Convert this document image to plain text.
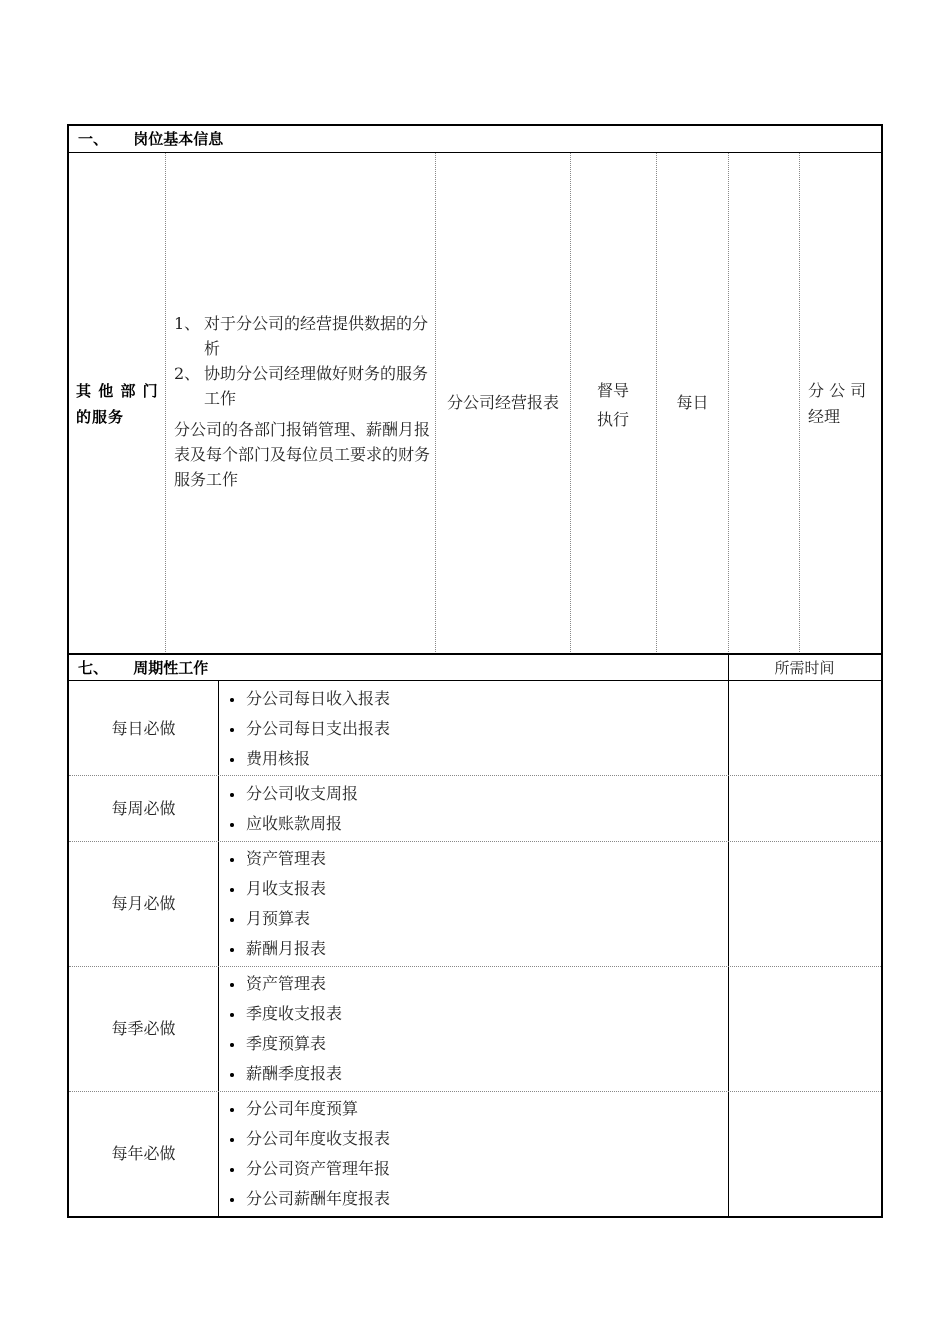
一、 岗位基本信息
其 他 部 门 的服务
1、 对于分公司的经营提供数据的分析
2、 协助分公司经理做好财务的服务工作
分公司的各部门报销管理、薪酬月报表及每个部门及每位员工要求的财务服务工作
分公司经营报表
督导执行
每日
分 公 司 经理
七、 周期性工作	所需时间
每日必做
分公司每日收入报表
分公司每日支出报表
费用核报
每周必做
分公司收支周报
应收账款周报
每月必做
资产管理表
月收支报表
月预算表
薪酬月报表
每季必做
资产管理表
季度收支报表
季度预算表
薪酬季度报表
每年必做
分公司年度预算
分公司年度收支报表
分公司资产管理年报
分公司薪酬年度报表
